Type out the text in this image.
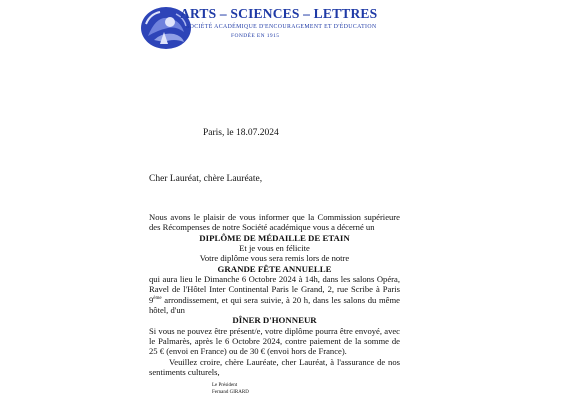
ARTS – SCIENCES – LETTRES
SOCIÉTÉ ACADÉMIQUE D'ENCOURAGEMENT ET D'ÉDUCATION
FONDÉE EN 1915
Paris, le 18.07.2024
Cher Lauréat, chère Lauréate,

Nous avons le plaisir de vous informer que la Commission supérieure des Récompenses de notre Société académique vous a décerné un

DIPLÔME DE MÉDAILLE DE ETAIN

Et je vous en félicite

Votre diplôme vous sera remis lors de notre

GRANDE FÊTE ANNUELLE

qui aura lieu le Dimanche 6 Octobre 2024 à 14h, dans les salons Opéra, Ravel de l'Hôtel Inter Continental Paris le Grand, 2, rue Scribe à Paris 9ème arrondissement, et qui sera suivie, à 20 h, dans les salons du même hôtel, d'un

DÎNER D'HONNEUR

Si vous ne pouvez être présent/e, votre diplôme pourra être envoyé, avec le Palmarès, après le 6 Octobre 2024, contre paiement de la somme de 25 € (envoi en France) ou de 30 € (envoi hors de France).

Veuillez croire, chère Lauréate, cher Lauréat, à l'assurance de nos sentiments culturels,

Le Président
Fernand GIRARD
